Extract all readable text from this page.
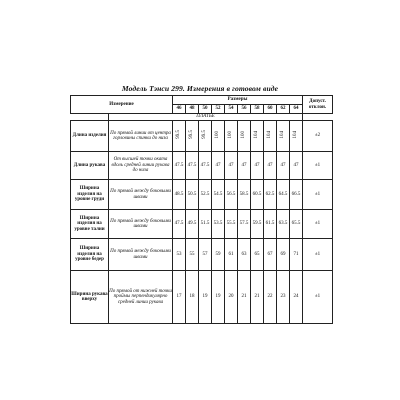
Модель Тэнси 299. Измерения в готовом виде
Измерение		Размеры										Допуст. отклон.
		46	48	50	52	54	56	58	60	62	64	
	ПЛАТЬЕ											
Длина изделия	По прямой линии от центра горловины спинки до низа	99.5	99.5	99.5	100	100	100	104	104	104	104	±2
Длина рукава	От высшей точки оката вдоль средней линии рукава до низа	47.5	47.5	47.5	47	47	47	47	47	47	47	±1
Ширина изделия на уровне груди	По прямой между боковыми швами	48.5	50.5	52.5	54.5	56.5	58.5	60.5	62.5	64.5	66.5	±1
Ширина изделия на уровне талии	По прямой между боковыми швами	47.5	49.5	51.5	53.5	55.5	57.5	59.5	61.5	63.5	65.5	±1
Ширина изделия на уровне бедер	По прямой между боковыми швами	53	55	57	59	61	63	65	67	69	71	±1
Ширина рукава вверху	По прямой от нижней точки проймы перпендикулярно средней линии рукава	17	18	19	19	20	21	21	22	23	24	±1
